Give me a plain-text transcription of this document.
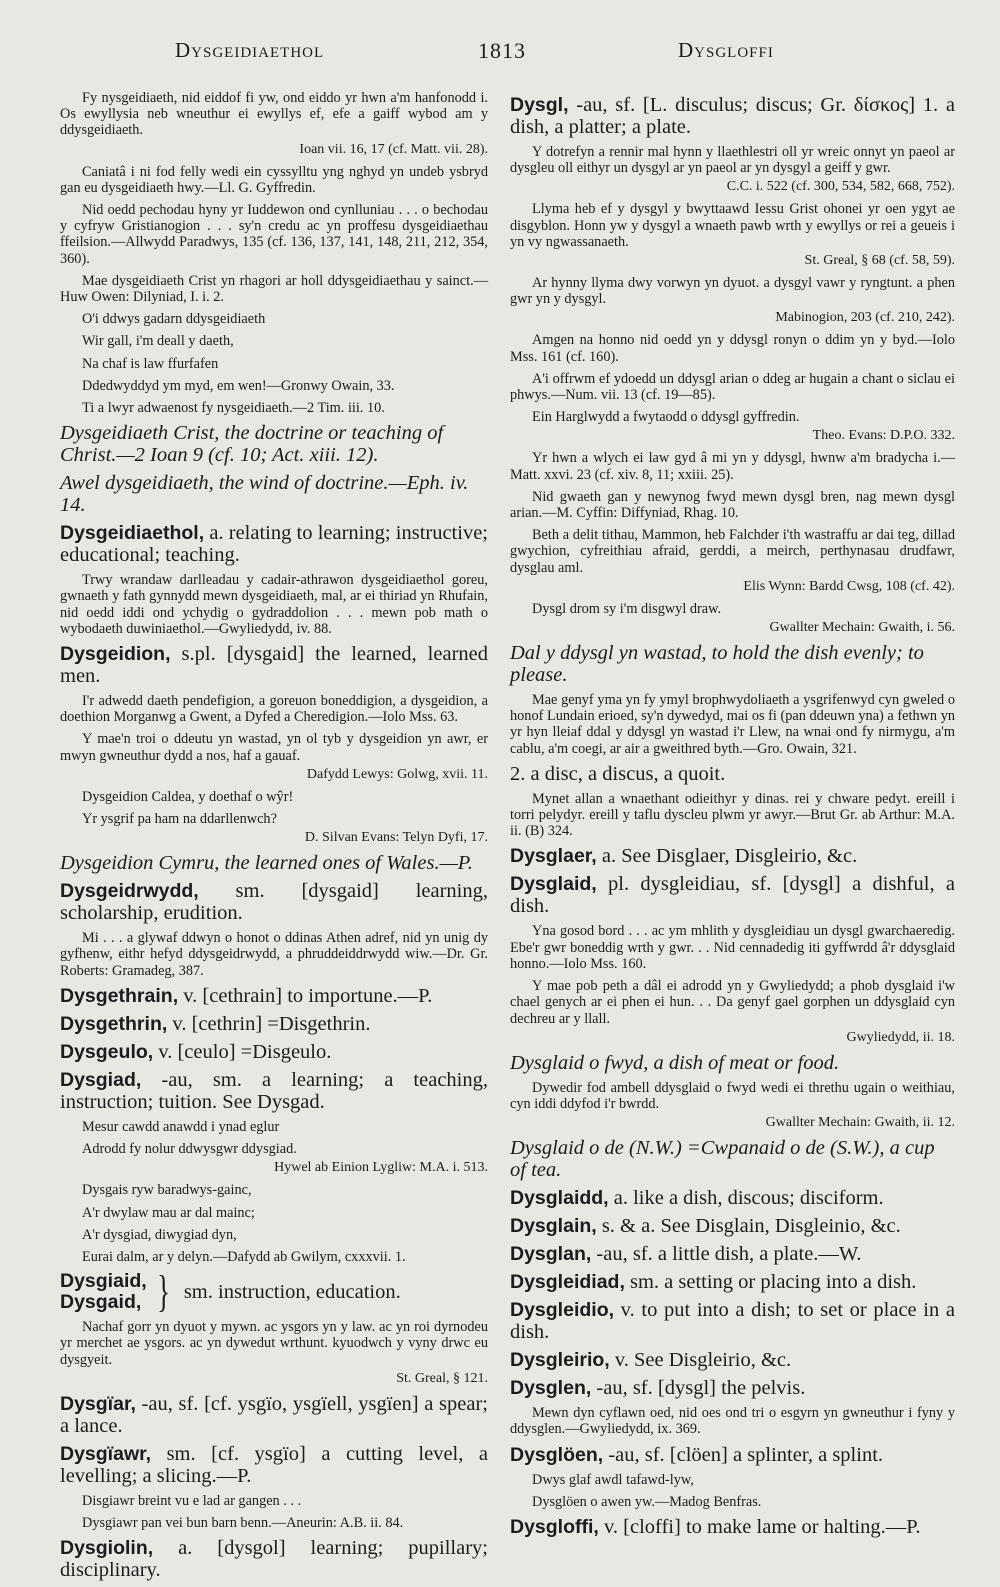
Dysgeidiaethol	1813	Dysgloffi
Fy nysgeidiaeth, nid eiddof fi yw, ond eiddo yr hwn a'm hanfonodd i. Os ewyllysia neb wneuthur ei ewyllys ef, efe a gaiff wybod am y ddysgeidiaeth.
Ioan vii. 16, 17 (cf. Matt. vii. 28).
Caniatâ i ni fod felly wedi ein cyssylltu yng nghyd yn undeb ysbryd gan eu dysgeidiaeth hwy.—Ll. G. Gyffredin.
Nid oedd pechodau hyny yr Iuddewon ond cynlluniau . . . o bechodau y cyfryw Gristianogion . . . sy'n credu ac yn proffesu dysgeidiaethau ffeilsion.—Allwydd Paradwys, 135 (cf. 136, 137, 141, 148, 211, 212, 354, 360).
Mae dysgeidiaeth Crist yn rhagori ar holl ddysgeidiaethau y sainct.—Huw Owen: Dilyniad, I. i. 2.
O'i ddwys gadarn ddysgeidiaeth
Wir gall, i'm deall y daeth,
Na chaf is law ffurfafen
Ddedwyddyd ym myd, em wen!—Gronwy Owain, 33.
Ti a lwyr adwaenost fy nysgeidiaeth.—2 Tim. iii. 10.
Dysgeidiaeth Crist, the doctrine or teaching of Christ.—2 Ioan 9 (cf. 10; Act. xiii. 12).
Awel dysgeidiaeth, the wind of doctrine.—Eph. iv. 14.
Dysgeidiaethol, a. relating to learning; instructive; educational; teaching.
Trwy wrandaw darlleadau y cadair-athrawon dysgeidiaethol goreu, gwnaeth y fath gynnydd mewn dysgeidiaeth, mal, ar ei thiriad yn Rhufain, nid oedd iddi ond ychydig o gydraddolion . . . mewn pob math o wybodaeth duwiniaethol.—Gwyliedydd, iv. 88.
Dysgeidion, s.pl. [dysgaid] the learned, learned men.
I'r adwedd daeth pendefigion, a goreuon boneddigion, a dysgeidion, a doethion Morganwg a Gwent, a Dyfed a Cheredigion.—Iolo Mss. 63.
Y mae'n troi o ddeutu yn wastad, yn ol tyb y dysgeidion yn awr, er mwyn gwneuthur dydd a nos, haf a gauaf.
Dafydd Lewys: Golwg, xvii. 11.
Dysgeidion Caldea, y doethaf o wŷr!
Yr ysgrif pa ham na ddarllenwch?
D. Silvan Evans: Telyn Dyfi, 17.
Dysgeidion Cymru, the learned ones of Wales.—P.
Dysgeidrwydd, sm. [dysgaid] learning, scholarship, erudition.
Mi . . . a glywaf ddwyn o honot o ddinas Athen adref, nid yn unig dy gyfhenw, eithr hefyd ddysgeidrwydd, a phruddeiddrwydd wiw.—Dr. Gr. Roberts: Gramadeg, 387.
Dysgethrain, v. [cethrain] to importune.—P.
Dysgethrin, v. [cethrin] =Disgethrin.
Dysgeulo, v. [ceulo] =Disgeulo.
Dysgiad, -au, sm. a learning; a teaching, instruction; tuition. See Dysgad.
Mesur cawdd anawdd i ynad eglur
Adrodd fy nolur ddwysgwr ddysgiad.
Hywel ab Einion Lygliw: M.A. i. 513.
Dysgais ryw baradwys-gainc,
A'r dwylaw mau ar dal mainc;
A'r dysgiad, diwygiad dyn,
Eurai dalm, ar y delyn.—Dafydd ab Gwilym, cxxxvii. 1.
Dysgiaid,
Dysgaid, } sm. instruction, education.
Nachaf gorr yn dyuot y mywn. ac ysgors yn y law. ac yn roi dyrnodeu yr merchet ae ysgors. ac yn dywedut wrthunt. kyuodwch y vyny drwc eu dysgyeit.
St. Greal, § 121.
Dysgïar, -au, sf. [cf. ysgïo, ysgïell, ysgïen] a spear; a lance.
Dysgïawr, sm. [cf. ysgïo] a cutting level, a levelling; a slicing.—P.
Disgiawr breint vu e lad ar gangen . . .
Dysgiawr pan vei bun barn benn.—Aneurin: A.B. ii. 84.
Dysgiolin, a. [dysgol] learning; pupillary; disciplinary.
Dysgl, -au, sf. [L. disculus; discus; Gr. δίσκος] 1. a dish, a platter; a plate.
Y dotrefyn a rennir mal hynn y llaethlestri oll yr wreic onnyt yn paeol ar dysgleu oll eithyr un dysgyl ar yn paeol ar yn dysgyl a geiff y gwr.
C.C. i. 522 (cf. 300, 534, 582, 668, 752).
Llyma heb ef y dysgyl y bwyttaawd Iessu Grist ohonei yr oen ygyt ae disgyblon. Honn yw y dysgyl a wnaeth pawb wrth y ewyllys or rei a geueis i yn vy ngwassanaeth.
St. Greal, § 68 (cf. 58, 59).
Ar hynny llyma dwy vorwyn yn dyuot. a dysgyl vawr y ryngtunt. a phen gwr yn y dysgyl.
Mabinogion, 203 (cf. 210, 242).
Amgen na honno nid oedd yn y ddysgl ronyn o ddim yn y byd.—Iolo Mss. 161 (cf. 160).
A'i offrwm ef ydoedd un ddysgl arian o ddeg ar hugain a chant o siclau ei phwys.—Num. vii. 13 (cf. 19—85).
Ein Harglwydd a fwytaodd o ddysgl gyffredin.
Theo. Evans: D.P.O. 332.
Yr hwn a wlych ei law gyd â mi yn y ddysgl, hwnw a'm bradycha i.—Matt. xxvi. 23 (cf. xiv. 8, 11; xxiii. 25).
Nid gwaeth gan y newynog fwyd mewn dysgl bren, nag mewn dysgl arian.—M. Cyffin: Diffyniad, Rhag. 10.
Beth a delit tithau, Mammon, heb Falchder i'th wastraffu ar dai teg, dillad gwychion, cyfreithiau afraid, gerddi, a meirch, perthynasau drudfawr, dysglau aml.
Elis Wynn: Bardd Cwsg, 108 (cf. 42).
Dysgl drom sy i'm disgwyl draw.
Gwallter Mechain: Gwaith, i. 56.
Dal y ddysgl yn wastad, to hold the dish evenly; to please.
Mae genyf yma yn fy ymyl brophwydoliaeth a ysgrifenwyd cyn gweled o honof Lundain erioed, sy'n dywedyd, mai os fi (pan ddeuwn yna) a fethwn yn yr hyn lleiaf ddal y ddysgl yn wastad i'r Llew, na wnai ond fy nirmygu, a'm cablu, a'm coegi, ar air a gweithred byth.—Gro. Owain, 321.
2. a disc, a discus, a quoit.
Mynet allan a wnaethant odieithyr y dinas. rei y chware pedyt. ereill i torri pelydyr. ereill y taflu dyscleu plwm yr awyr.—Brut Gr. ab Arthur: M.A. ii. (B) 324.
Dysglaer, a. See Disglaer, Disgleirio, &c.
Dysglaid, pl. dysgleidiau, sf. [dysgl] a dishful, a dish.
Yna gosod bord . . . ac ym mhlith y dysgleidiau un dysgl gwarchaeredig. Ebe'r gwr boneddig wrth y gwr. . . Nid cennadedig iti gyffwrdd â'r ddysglaid honno.—Iolo Mss. 160.
Y mae pob peth a dâl ei adrodd yn y Gwyliedydd; a phob dysglaid i'w chael genych ar ei phen ei hun. . . Da genyf gael gorphen un ddysglaid cyn dechreu ar y llall.
Gwyliedydd, ii. 18.
Dysglaid o fwyd, a dish of meat or food.
Dywedir fod ambell ddysglaid o fwyd wedi ei threthu ugain o weithiau, cyn iddi ddyfod i'r bwrdd.
Gwallter Mechain: Gwaith, ii. 12.
Dysglaid o de (N.W.) =Cwpanaid o de (S.W.), a cup of tea.
Dysglaidd, a. like a dish, discous; disciform.
Dysglain, s. & a. See Disglain, Disgleinio, &c.
Dysglan, -au, sf. a little dish, a plate.—W.
Dysgleidiad, sm. a setting or placing into a dish.
Dysgleidio, v. to put into a dish; to set or place in a dish.
Dysgleirio, v. See Disgleirio, &c.
Dysglen, -au, sf. [dysgl] the pelvis.
Mewn dyn cyflawn oed, nid oes ond tri o esgyrn yn gwneuthur i fyny y ddysglen.—Gwyliedydd, ix. 369.
Dysglöen, -au, sf. [clöen] a splinter, a splint.
Dwys glaf awdl tafawd-lyw,
Dysglöen o awen yw.—Madog Benfras.
Dysgloffi, v. [cloffi] to make lame or halting.—P.
